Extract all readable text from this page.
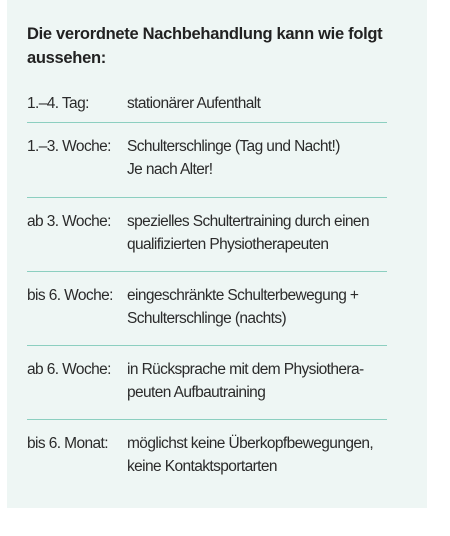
Die verordnete Nachbehandlung kann wie folgt
aussehen:
1.–4. Tag:	stationärer Aufenthalt
1.–3. Woche:	Schulterschlinge (Tag und Nacht!)
Je nach Alter!
ab 3. Woche:	spezielles Schultertraining durch einen
qualifizierten Physiotherapeuten
bis 6. Woche: eingeschränkte Schulterbewegung +
Schulterschlinge (nachts)
ab 6. Woche:	in Rücksprache mit dem Physiothera-
peuten Aufbautraining
bis 6. Monat:	möglichst keine Überkopfbewegungen,
keine Kontaktsportarten
